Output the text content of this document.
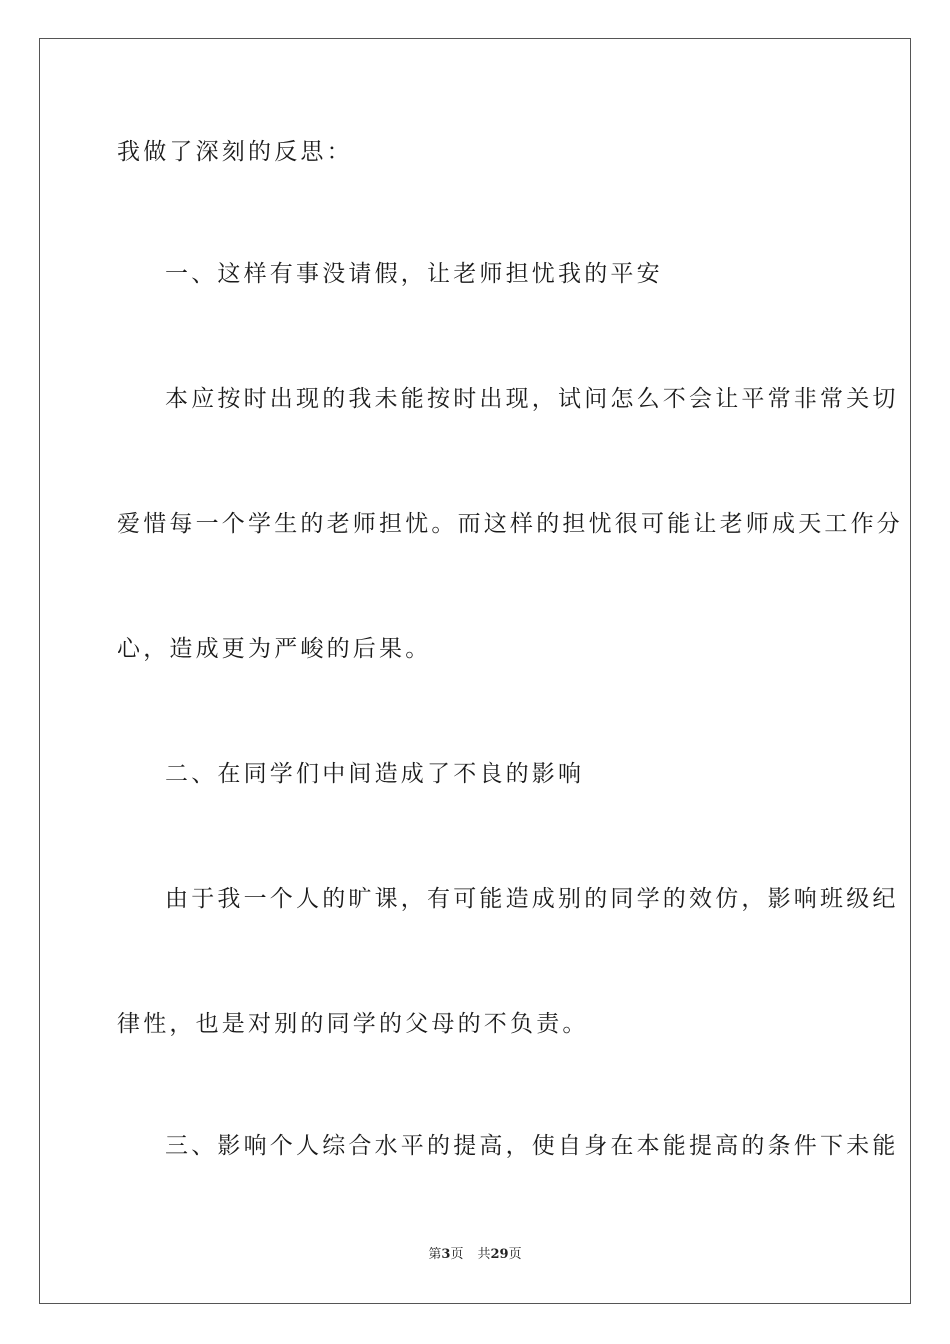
我做了深刻的反思：
一、这样有事没请假，让老师担忧我的平安
本应按时出现的我未能按时出现，试问怎么不会让平常非常关切
爱惜每一个学生的老师担忧。而这样的担忧很可能让老师成天工作分
心，造成更为严峻的后果。
二、在同学们中间造成了不良的影响
由于我一个人的旷课，有可能造成别的同学的效仿，影响班级纪
律性，也是对别的同学的父母的不负责。
三、影响个人综合水平的提高，使自身在本能提高的条件下未能
第3页 共29页
